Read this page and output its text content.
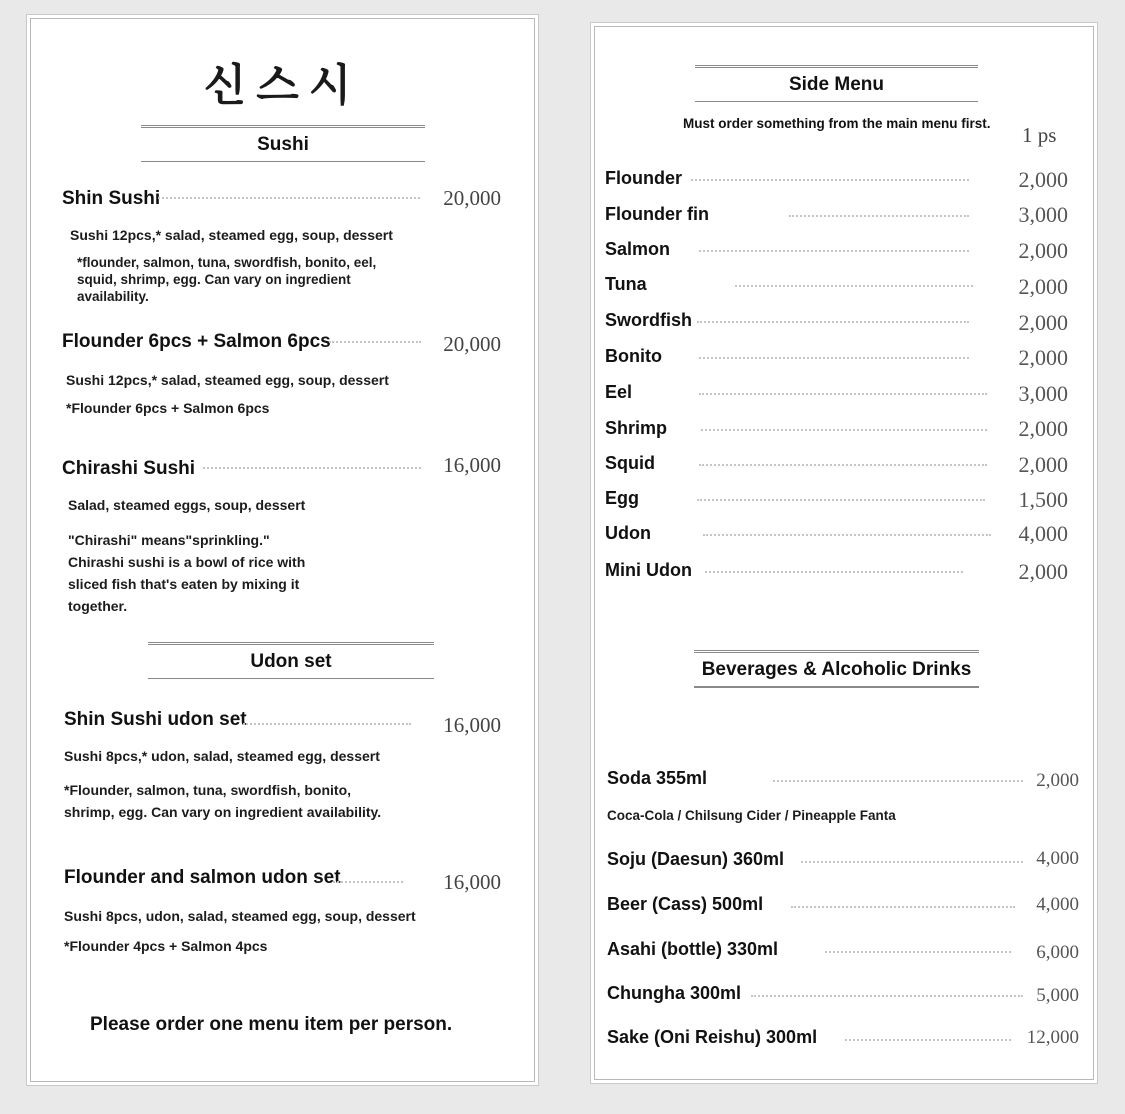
신스시
Sushi
Shin Sushi	20,000
Sushi 12pcs,* salad, steamed egg, soup, dessert
*flounder, salmon, tuna, swordfish, bonito, eel, squid, shrimp, egg. Can vary on ingredient availability.
Flounder 6pcs + Salmon 6pcs	20,000
Sushi 12pcs,* salad, steamed egg, soup, dessert
*Flounder 6pcs + Salmon 6pcs
Chirashi Sushi	16,000
Salad, steamed eggs, soup, dessert
"Chirashi" means"sprinkling." Chirashi sushi is a bowl of rice with sliced fish that's eaten by mixing it together.
Udon set
Shin Sushi udon set	16,000
Sushi 8pcs,* udon, salad, steamed egg, dessert
*Flounder, salmon, tuna, swordfish, bonito, shrimp, egg. Can vary on ingredient availability.
Flounder and salmon udon set	16,000
Sushi 8pcs, udon, salad, steamed egg, soup, dessert
*Flounder 4pcs + Salmon 4pcs
Please order one menu item per person.
Side Menu
Must order something from the main menu first. 1 ps
Flounder	2,000
Flounder fin	3,000
Salmon	2,000
Tuna	2,000
Swordfish	2,000
Bonito	2,000
Eel	3,000
Shrimp	2,000
Squid	2,000
Egg	1,500
Udon	4,000
Mini Udon	2,000
Beverages & Alcoholic Drinks
Soda 355ml	2,000
Coca-Cola / Chilsung Cider / Pineapple Fanta
Soju (Daesun) 360ml	4,000
Beer (Cass) 500ml	4,000
Asahi (bottle) 330ml	6,000
Chungha 300ml	5,000
Sake (Oni Reishu) 300ml	12,000
